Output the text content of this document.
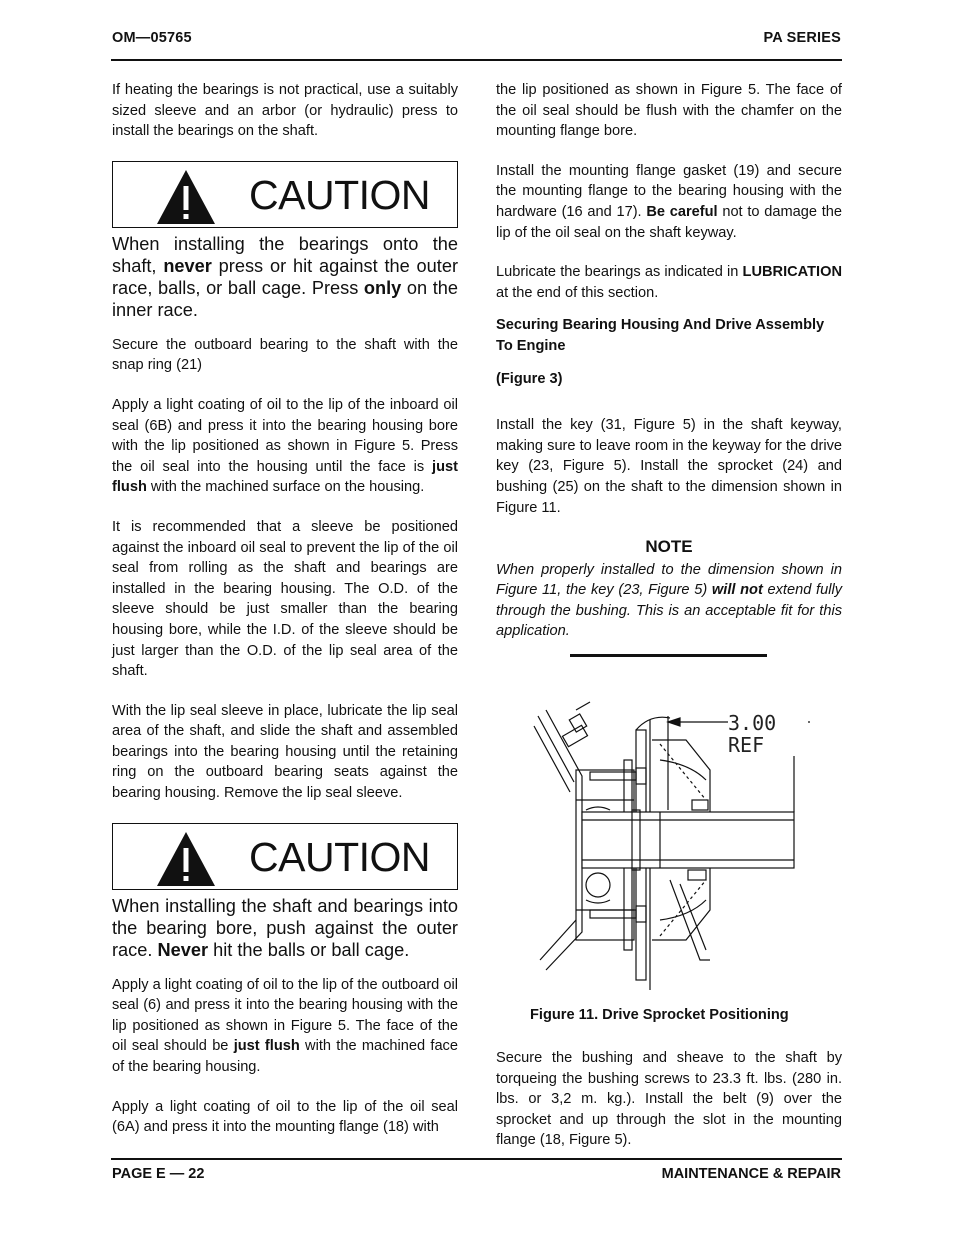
OM—05765	PA SERIES

If heating the bearings is not practical, use a suitably sized sleeve and an arbor (or hydraulic) press to install the bearings on the shaft.

CAUTION

When installing the bearings onto the shaft, never press or hit against the outer race, balls, or ball cage. Press only on the inner race.

Secure the outboard bearing to the shaft with the snap ring (21)

Apply a light coating of oil to the lip of the inboard oil seal (6B) and press it into the bearing housing bore with the lip positioned as shown in Figure 5. Press the oil seal into the housing until the face is just flush with the machined surface on the housing.

It is recommended that a sleeve be positioned against the inboard oil seal to prevent the lip of the oil seal from rolling as the shaft and bearings are installed in the bearing housing. The O.D. of the sleeve should be just smaller than the bearing housing bore, while the I.D. of the sleeve should be just larger than the O.D. of the lip seal area of the shaft.

With the lip seal sleeve in place, lubricate the lip seal area of the shaft, and slide the shaft and assembled bearings into the bearing housing until the retaining ring on the outboard bearing seats against the bearing housing. Remove the lip seal sleeve.

CAUTION

When installing the shaft and bearings into the bearing bore, push against the outer race. Never hit the balls or ball cage.

Apply a light coating of oil to the lip of the outboard oil seal (6) and press it into the bearing housing with the lip positioned as shown in Figure 5. The face of the oil seal should be just flush with the machined face of the bearing housing.

Apply a light coating of oil to the lip of the oil seal (6A) and press it into the mounting flange (18) with

the lip positioned as shown in Figure 5. The face of the oil seal should be flush with the chamfer on the mounting flange bore.

Install the mounting flange gasket (19) and secure the mounting flange to the bearing housing with the hardware (16 and 17). Be careful not to damage the lip of the oil seal on the shaft keyway.

Lubricate the bearings as indicated in LUBRICATION at the end of this section.

Securing Bearing Housing And Drive Assembly To Engine

(Figure 3)

Install the key (31, Figure 5) in the shaft keyway, making sure to leave room in the keyway for the drive key (23, Figure 5). Install the sprocket (24) and bushing (25) on the shaft to the dimension shown in Figure 11.

NOTE

When properly installed to the dimension shown in Figure 11, the key (23, Figure 5) will not extend fully through the bushing. This is an acceptable fit for this application.

3.00
REF
Figure 11. Drive Sprocket Positioning

Secure the bushing and sheave to the shaft by torqueing the bushing screws to 23.3 ft. lbs. (280 in. lbs. or 3,2 m. kg.). Install the belt (9) over the sprocket and up through the slot in the mounting flange (18, Figure 5).

PAGE E — 22	MAINTENANCE & REPAIR
